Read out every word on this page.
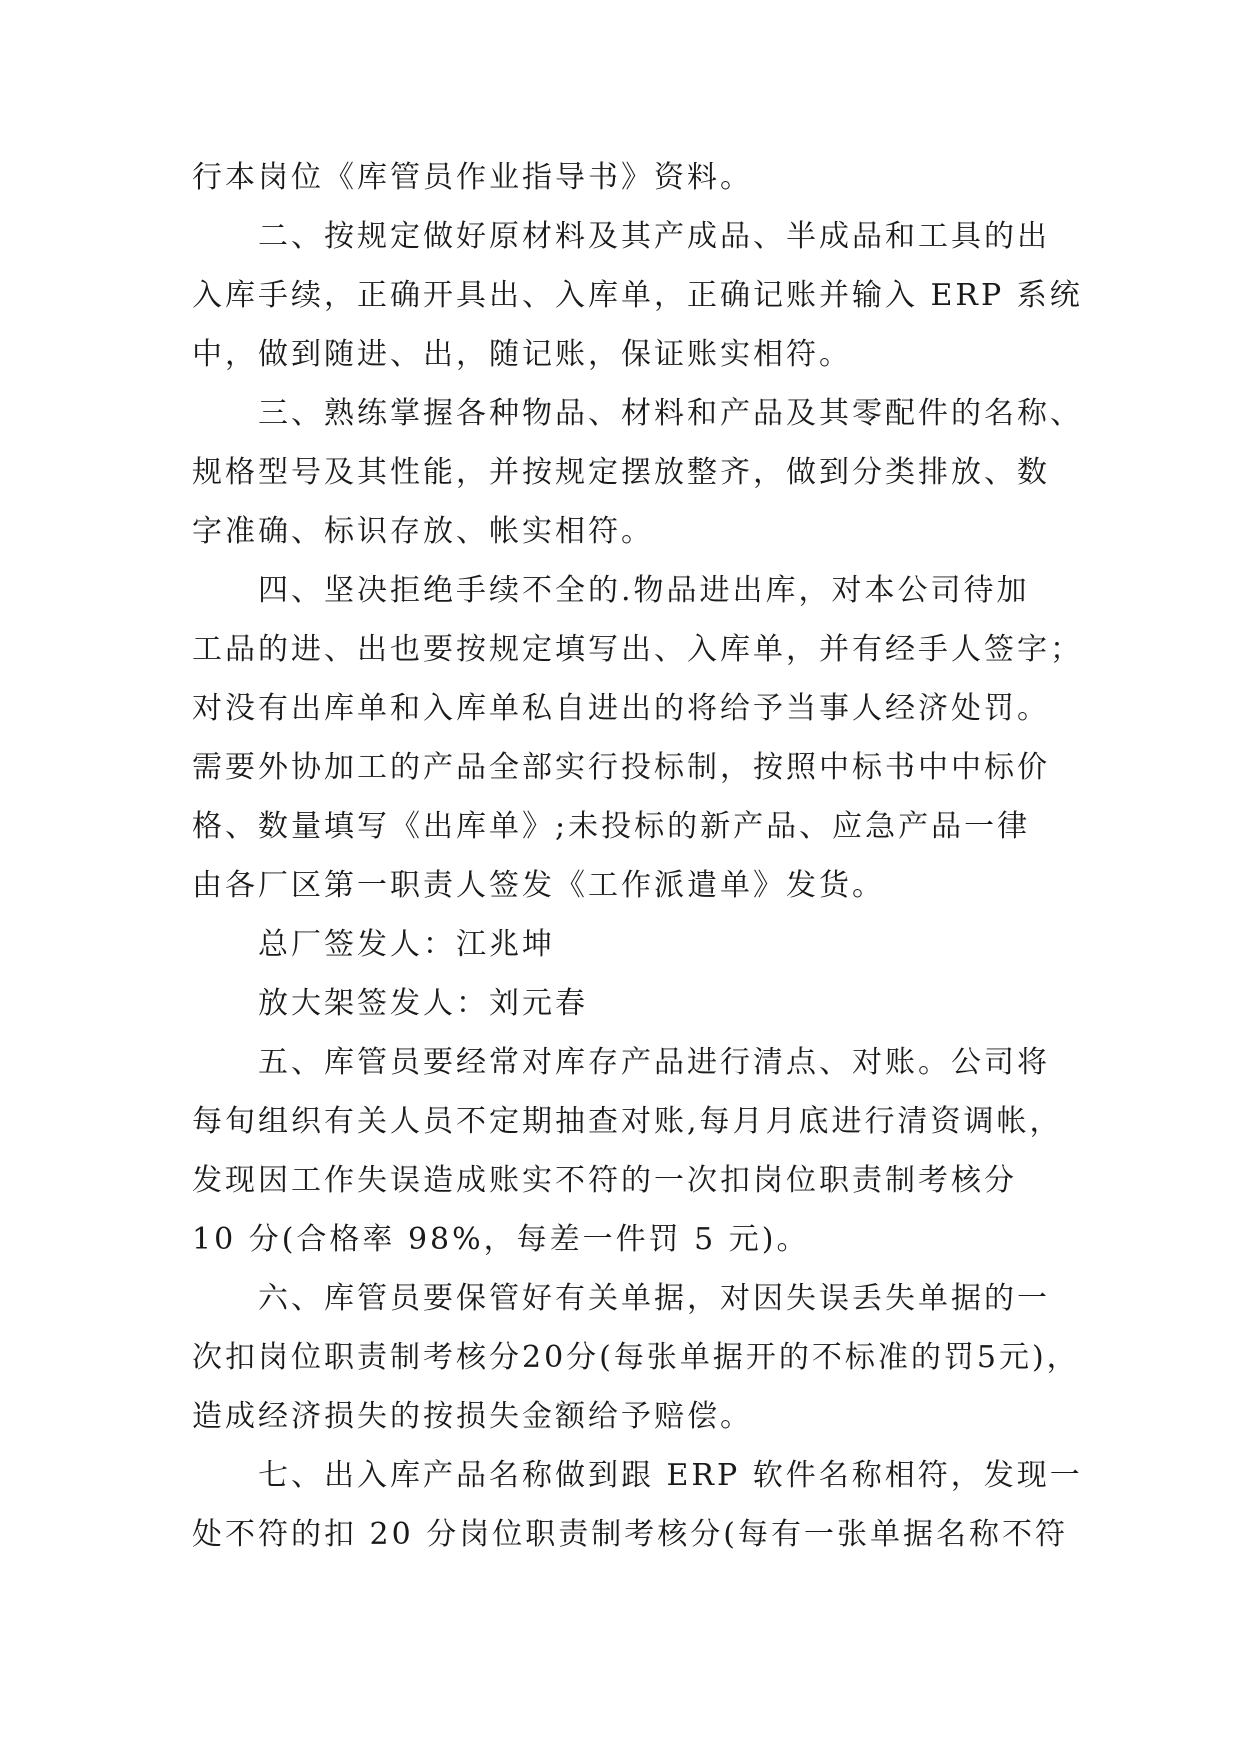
行本岗位《库管员作业指导书》资料。

二、按规定做好原材料及其产成品、半成品和工具的出
入库手续，正确开具出、入库单，正确记账并输入 ERP 系统
中，做到随进、出，随记账，保证账实相符。

三、熟练掌握各种物品、材料和产品及其零配件的名称、
规格型号及其性能，并按规定摆放整齐，做到分类排放、数
字准确、标识存放、帐实相符。

四、坚决拒绝手续不全的.物品进出库，对本公司待加
工品的进、出也要按规定填写出、入库单，并有经手人签字；
对没有出库单和入库单私自进出的将给予当事人经济处罚。
需要外协加工的产品全部实行投标制，按照中标书中中标价
格、数量填写《出库单》;未投标的新产品、应急产品一律
由各厂区第一职责人签发《工作派遣单》发货。

总厂签发人：江兆坤

放大架签发人：刘元春

五、库管员要经常对库存产品进行清点、对账。公司将
每旬组织有关人员不定期抽查对账,每月月底进行清资调帐，
发现因工作失误造成账实不符的一次扣岗位职责制考核分
10 分(合格率 98%，每差一件罚 5 元)。

六、库管员要保管好有关单据，对因失误丢失单据的一
次扣岗位职责制考核分20分(每张单据开的不标准的罚5元)，
造成经济损失的按损失金额给予赔偿。

七、出入库产品名称做到跟 ERP 软件名称相符，发现一
处不符的扣 20 分岗位职责制考核分(每有一张单据名称不符
